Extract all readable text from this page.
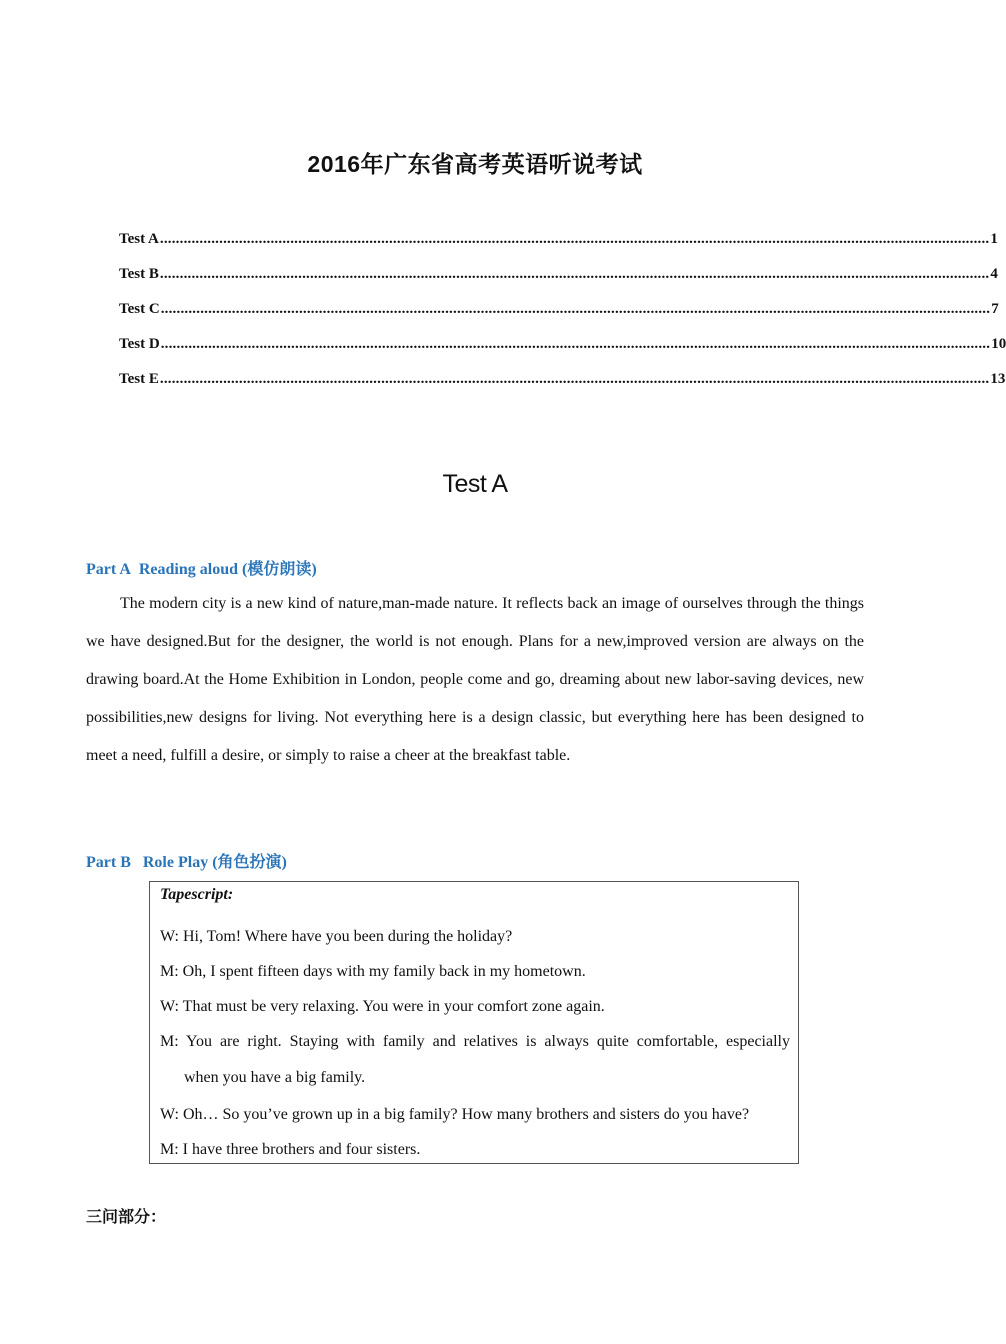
2016年广东省高考英语听说考试
Test A .................................................................................................................................................................................................................. 1
Test B .................................................................................................................................................................................................................. 4
Test C .................................................................................................................................................................................................................. 7
Test D .................................................................................................................................................................................................................. 10
Test E .................................................................................................................................................................................................................. 13
Test A
Part A Reading aloud (模仿朗读)

The modern city is a new kind of nature,man-made nature. It reflects back an image of ourselves through the things we have designed.But for the designer, the world is not enough. Plans for a new,improved version are always on the drawing board.At the Home Exhibition in London, people come and go, dreaming about new labor-saving devices, new possibilities,new designs for living. Not everything here is a design classic, but everything here has been designed to meet a need, fulfill a desire, or simply to raise a cheer at the breakfast table.

Part B Role Play (角色扮演)
Tapescript:
W: Hi, Tom! Where have you been during the holiday?
M: Oh, I spent fifteen days with my family back in my hometown.
W: That must be very relaxing. You were in your comfort zone again.
M: You are right. Staying with family and relatives is always quite comfortable, especially
when you have a big family.
W: Oh… So you’ve grown up in a big family? How many brothers and sisters do you have?
M: I have three brothers and four sisters.
三问部分：
